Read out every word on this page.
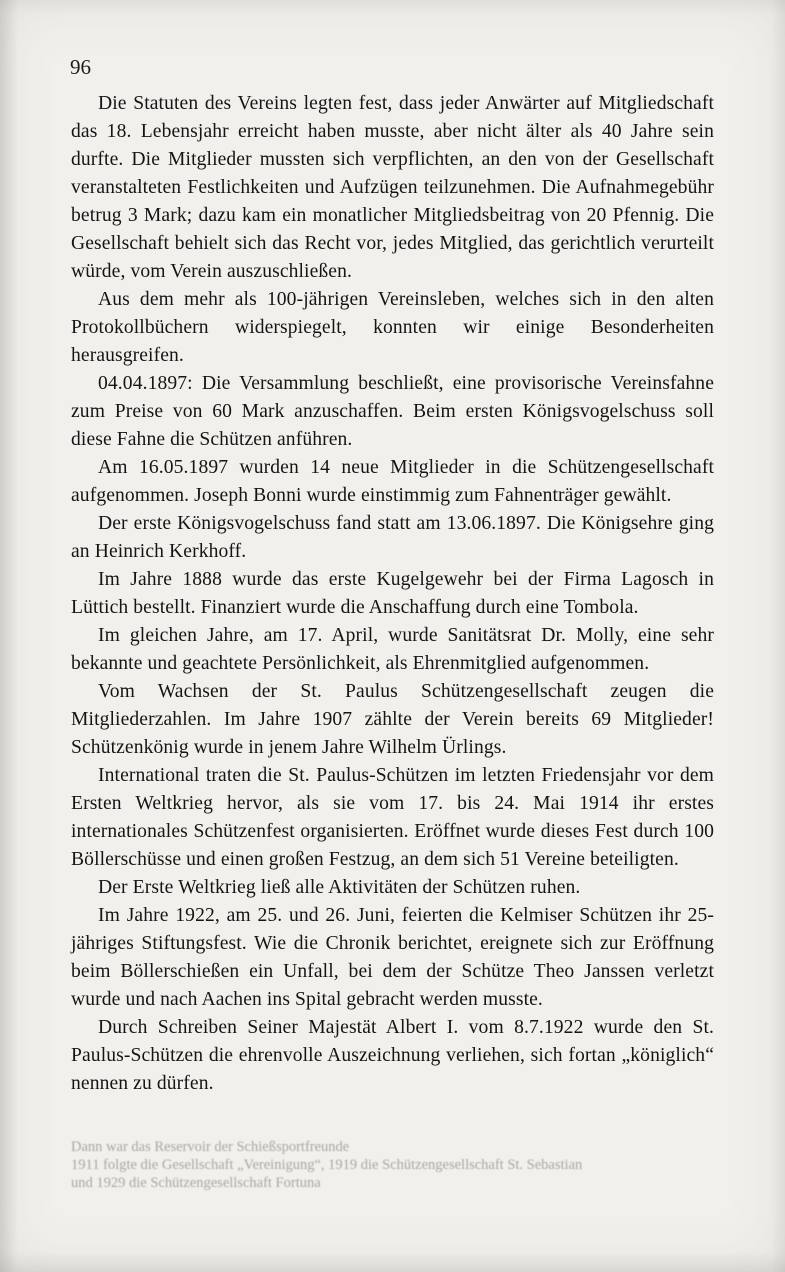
96

Die Statuten des Vereins legten fest, dass jeder Anwärter auf Mitgliedschaft das 18. Lebensjahr erreicht haben musste, aber nicht älter als 40 Jahre sein durfte. Die Mitglieder mussten sich verpflichten, an den von der Gesellschaft veranstalteten Festlichkeiten und Aufzügen teilzunehmen. Die Aufnahmegebühr betrug 3 Mark; dazu kam ein monatlicher Mitgliedsbeitrag von 20 Pfennig. Die Gesellschaft behielt sich das Recht vor, jedes Mitglied, das gerichtlich verurteilt würde, vom Verein auszuschließen.

Aus dem mehr als 100-jährigen Vereinsleben, welches sich in den alten Protokollbüchern widerspiegelt, konnten wir einige Besonderheiten herausgreifen.

04.04.1897: Die Versammlung beschließt, eine provisorische Vereinsfahne zum Preise von 60 Mark anzuschaffen. Beim ersten Königsvogelschuss soll diese Fahne die Schützen anführen.

Am 16.05.1897 wurden 14 neue Mitglieder in die Schützengesellschaft aufgenommen. Joseph Bonni wurde einstimmig zum Fahnenträger gewählt.

Der erste Königsvogelschuss fand statt am 13.06.1897. Die Königsehre ging an Heinrich Kerkhoff.

Im Jahre 1888 wurde das erste Kugelgewehr bei der Firma Lagosch in Lüttich bestellt. Finanziert wurde die Anschaffung durch eine Tombola.

Im gleichen Jahre, am 17. April, wurde Sanitätsrat Dr. Molly, eine sehr bekannte und geachtete Persönlichkeit, als Ehrenmitglied aufgenommen.

Vom Wachsen der St. Paulus Schützengesellschaft zeugen die Mitgliederzahlen. Im Jahre 1907 zählte der Verein bereits 69 Mitglieder! Schützenkönig wurde in jenem Jahre Wilhelm Ürlings.

International traten die St. Paulus-Schützen im letzten Friedensjahr vor dem Ersten Weltkrieg hervor, als sie vom 17. bis 24. Mai 1914 ihr erstes internationales Schützenfest organisierten. Eröffnet wurde dieses Fest durch 100 Böllerschüsse und einen großen Festzug, an dem sich 51 Vereine beteiligten.

Der Erste Weltkrieg ließ alle Aktivitäten der Schützen ruhen.

Im Jahre 1922, am 25. und 26. Juni, feierten die Kelmiser Schützen ihr 25-jähriges Stiftungsfest. Wie die Chronik berichtet, ereignete sich zur Eröffnung beim Böllerschießen ein Unfall, bei dem der Schütze Theo Janssen verletzt wurde und nach Aachen ins Spital gebracht werden musste.

Durch Schreiben Seiner Majestät Albert I. vom 8.7.1922 wurde den St. Paulus-Schützen die ehrenvolle Auszeichnung verliehen, sich fortan „königlich“ nennen zu dürfen.

Dann war das Reservoir der Schießsportfreunde
1911 folgte die Gesellschaft „Vereinigung“, 1919 die Schützengesellschaft St. Sebastian
und 1929 die Schützengesellschaft Fortuna
